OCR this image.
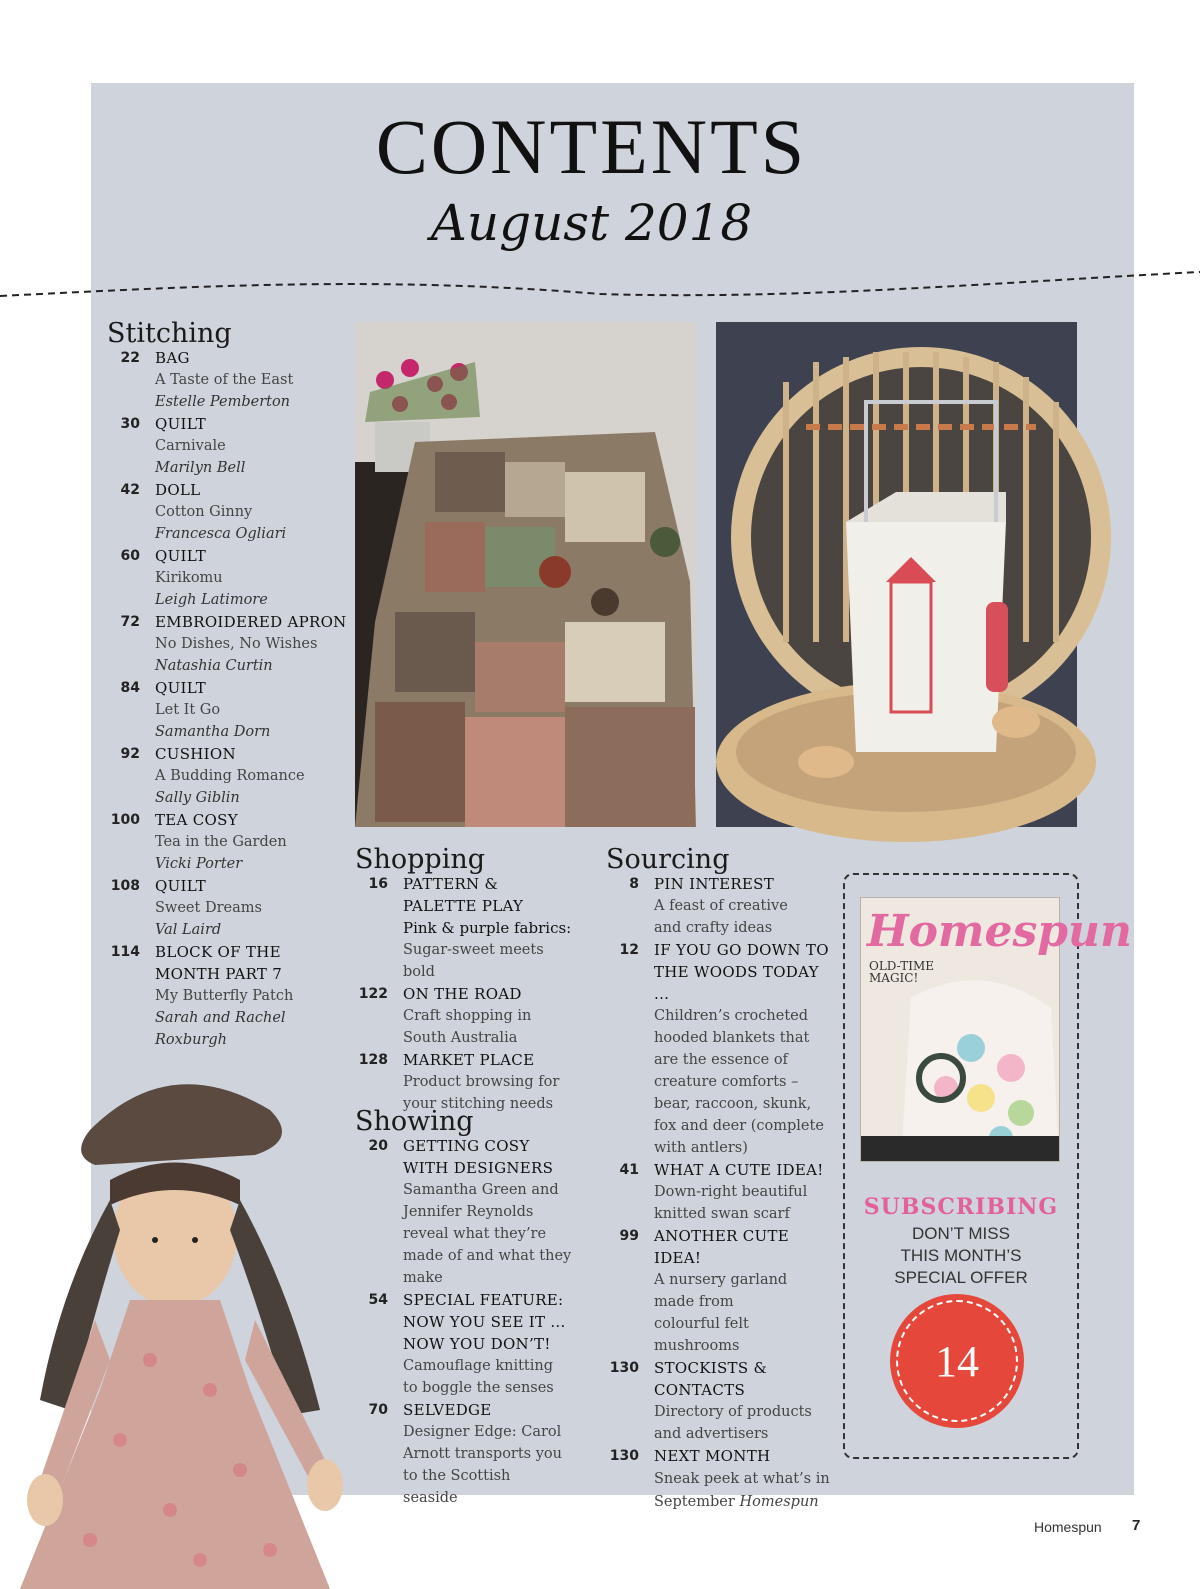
CONTENTS
August 2018
Stitching
22 BAG
A Taste of the East
Estelle Pemberton
30 QUILT
Carnivale
Marilyn Bell
42 DOLL
Cotton Ginny
Francesca Ogliari
60 QUILT
Kirikomu
Leigh Latimore
72 EMBROIDERED APRON
No Dishes, No Wishes
Natashia Curtin
84 QUILT
Let It Go
Samantha Dorn
92 CUSHION
A Budding Romance
Sally Giblin
100 TEA COSY
Tea in the Garden
Vicki Porter
108 QUILT
Sweet Dreams
Val Laird
114 BLOCK OF THE MONTH PART 7
My Butterfly Patch
Sarah and Rachel Roxburgh
Shopping
16 PATTERN & PALETTE PLAY
Pink & purple fabrics:
Sugar-sweet meets bold
122 ON THE ROAD
Craft shopping in South Australia
128 MARKET PLACE
Product browsing for your stitching needs
Showing
20 GETTING COSY WITH DESIGNERS
Samantha Green and Jennifer Reynolds reveal what they’re made of and what they make
54 SPECIAL FEATURE: NOW YOU SEE IT ... NOW YOU DON’T!
Camouflage knitting to boggle the senses
70 SELVEDGE
Designer Edge: Carol Arnott transports you to the Scottish seaside
Sourcing
8 PIN INTEREST
A feast of creative and crafty ideas
12 IF YOU GO DOWN TO THE WOODS TODAY ...
Children’s crocheted hooded blankets that are the essence of creature comforts – bear, raccoon, skunk, fox and deer (complete with antlers)
41 WHAT A CUTE IDEA!
Down-right beautiful knitted swan scarf
99 ANOTHER CUTE IDEA!
A nursery garland made from colourful felt mushrooms
130 STOCKISTS & CONTACTS
Directory of products and advertisers
130 NEXT MONTH
Sneak peek at what’s in September Homespun
Homespun
OLD-TIME MAGIC!
SUBSCRIBING
DON’T MISS
THIS MONTH’S
SPECIAL OFFER
14
Homespun 7
